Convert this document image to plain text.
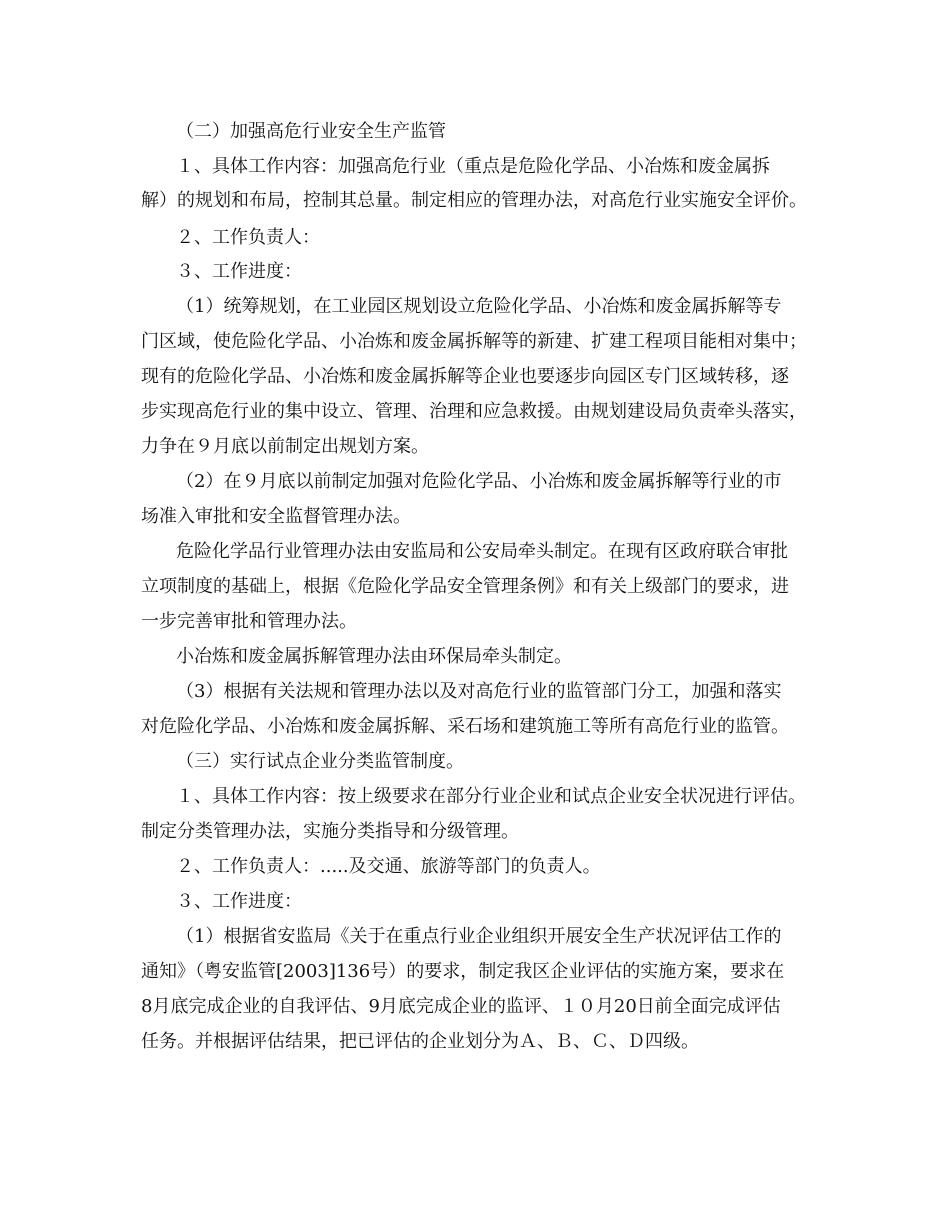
（二）加强高危行业安全生产监管
１、具体工作内容：加强高危行业（重点是危险化学品、小冶炼和废金属拆
解）的规划和布局，控制其总量。制定相应的管理办法，对高危行业实施安全评价。
２、工作负责人：
３、工作进度：
（1）统筹规划，在工业园区规划设立危险化学品、小冶炼和废金属拆解等专
门区域，使危险化学品、小冶炼和废金属拆解等的新建、扩建工程项目能相对集中；
现有的危险化学品、小冶炼和废金属拆解等企业也要逐步向园区专门区域转移，逐
步实现高危行业的集中设立、管理、治理和应急救援。由规划建设局负责牵头落实，
力争在９月底以前制定出规划方案。
（2）在９月底以前制定加强对危险化学品、小冶炼和废金属拆解等行业的市
场准入审批和安全监督管理办法。
危险化学品行业管理办法由安监局和公安局牵头制定。在现有区政府联合审批
立项制度的基础上，根据《危险化学品安全管理条例》和有关上级部门的要求，进
一步完善审批和管理办法。
小冶炼和废金属拆解管理办法由环保局牵头制定。
（3）根据有关法规和管理办法以及对高危行业的监管部门分工，加强和落实
对危险化学品、小冶炼和废金属拆解、采石场和建筑施工等所有高危行业的监管。
（三）实行试点企业分类监管制度。
１、具体工作内容：按上级要求在部分行业企业和试点企业安全状况进行评估。
制定分类管理办法，实施分类指导和分级管理。
２、工作负责人：.....及交通、旅游等部门的负责人。
３、工作进度：
（1）根据省安监局《关于在重点行业企业组织开展安全生产状况评估工作的
通知》（粤安监管[2003]136号）的要求，制定我区企业评估的实施方案，要求在
8月底完成企业的自我评估、9月底完成企业的监评、１０月20日前全面完成评估
任务。并根据评估结果，把已评估的企业划分为Ａ、Ｂ、Ｃ、Ｄ四级。
